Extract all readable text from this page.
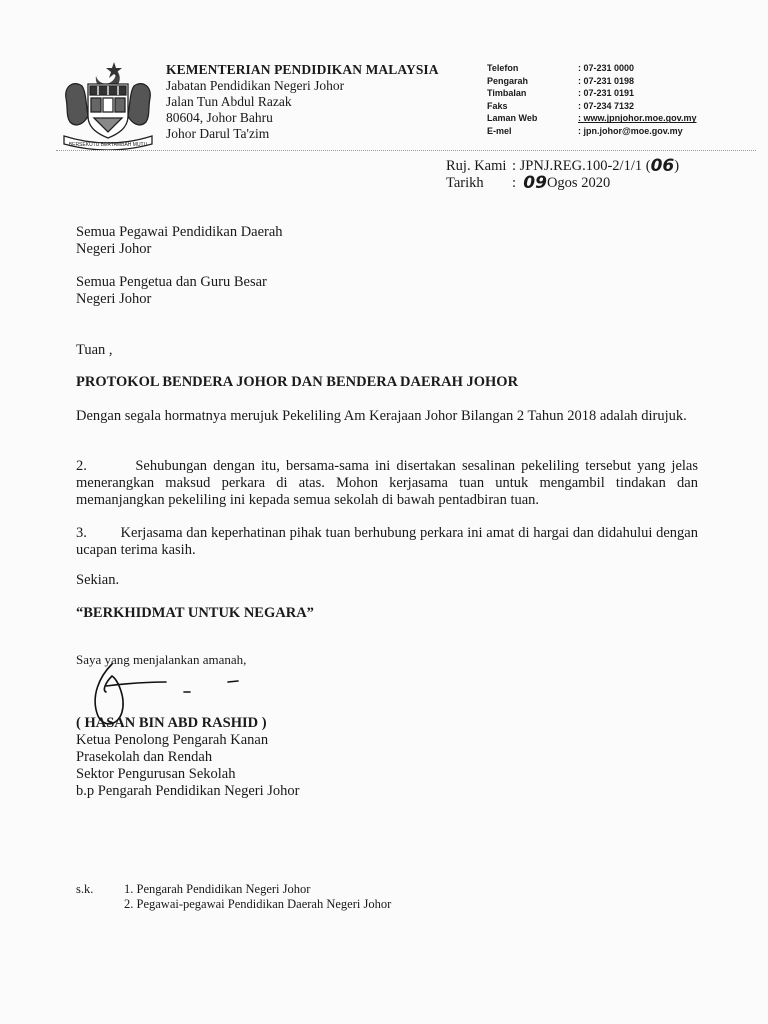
BERSEKUTU BERTAMBAH MUTU
KEMENTERIAN PENDIDIKAN MALAYSIA
Jabatan Pendidikan Negeri Johor
Jalan Tun Abdul Razak
80604, Johor Bahru
Johor Darul Ta'zim
Telefon	: 07-231 0000
Pengarah	: 07-231 0198
Timbalan	: 07-231 0191
Faks	: 07-234 7132
Laman Web	: www.jpnjohor.moe.gov.my
E-mel	: jpn.johor@moe.gov.my
Ruj. Kami : JPNJ.REG.100-2/1/1 ( 06 )
Tarikh	:
09 Ogos 2020
Semua Pegawai Pendidikan Daerah
Negeri Johor
Semua Pengetua dan Guru Besar
Negeri Johor
Tuan ,
PROTOKOL BENDERA JOHOR DAN BENDERA DAERAH JOHOR
Dengan segala hormatnya merujuk Pekeliling Am Kerajaan Johor Bilangan 2 Tahun 2018 adalah dirujuk.
2.        Sehubungan dengan itu, bersama-sama ini disertakan sesalinan pekeliling tersebut yang jelas menerangkan maksud perkara di atas. Mohon kerjasama tuan untuk mengambil tindakan dan memanjangkan pekeliling ini kepada semua sekolah di bawah pentadbiran tuan.
3.         Kerjasama dan keperhatinan pihak tuan berhubung perkara ini amat di hargai dan didahului dengan ucapan terima kasih.
Sekian.
“BERKHIDMAT UNTUK NEGARA”
Saya yang menjalankan amanah,
( HASAN BIN ABD RASHID )
Ketua Penolong Pengarah Kanan
Prasekolah dan Rendah
Sektor Pengurusan Sekolah
b.p Pengarah Pendidikan Negeri Johor
s.k.	1. Pengarah Pendidikan Negeri Johor
2. Pegawai-pegawai Pendidikan Daerah Negeri Johor
